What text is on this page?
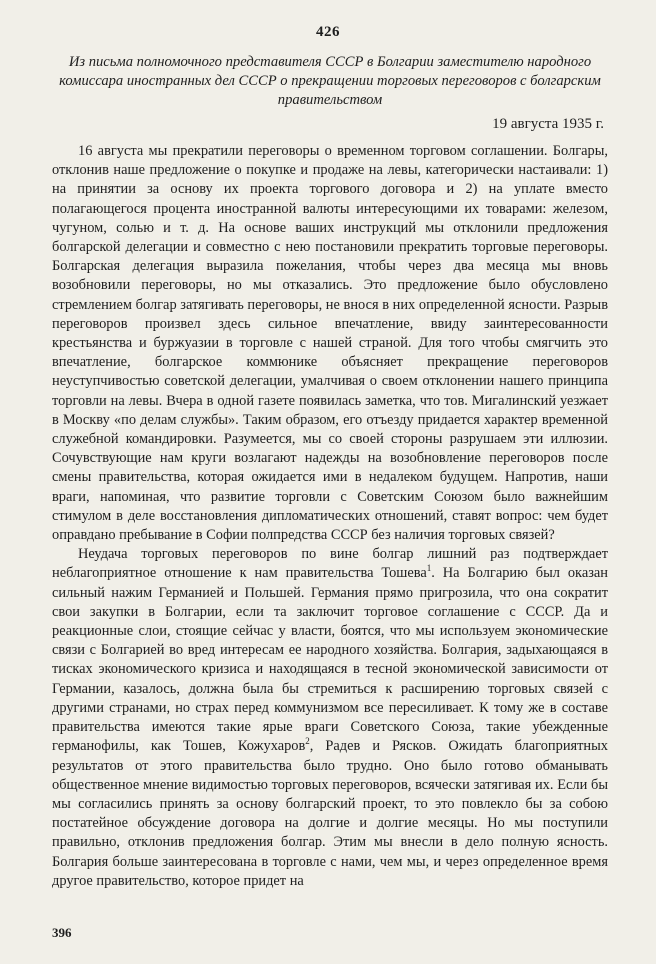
426
Из письма полномочного представителя СССР в Болгарии заместителю народного комиссара иностранных дел СССР о прекращении торговых переговоров с болгарским правительством
19 августа 1935 г.

16 августа мы прекратили переговоры о временном торговом соглашении. Болгары, отклонив наше предложение о покупке и продаже на левы, категорически настаивали: 1) на принятии за основу их проекта торгового договора и 2) на уплате вместо полагающегося процента иностранной валюты интересующими их товарами: железом, чугуном, солью и т. д. На основе ваших инструкций мы отклонили предложения болгарской делегации и совместно с нею постановили прекратить торговые переговоры. Болгарская делегация выразила пожелания, чтобы через два месяца мы вновь возобновили переговоры, но мы отказались. Это предложение было обусловлено стремлением болгар затягивать переговоры, не внося в них определенной ясности. Разрыв переговоров произвел здесь сильное впечатление, ввиду заинтересованности крестьянства и буржуазии в торговле с нашей страной. Для того чтобы смягчить это впечатление, болгарское коммюнике объясняет прекращение переговоров неуступчивостью советской делегации, умалчивая о своем отклонении нашего принципа торговли на левы. Вчера в одной газете появилась заметка, что тов. Мигалинский уезжает в Москву «по делам службы». Таким образом, его отъезду придается характер временной служебной командировки. Разумеется, мы со своей стороны разрушаем эти иллюзии. Сочувствующие нам круги возлагают надежды на возобновление переговоров после смены правительства, которая ожидается ими в недалеком будущем. Напротив, наши враги, напоминая, что развитие торговли с Советским Союзом было важнейшим стимулом в деле восстановления дипломатических отношений, ставят вопрос: чем будет оправдано пребывание в Софии полпредства СССР без наличия торговых связей?

Неудача торговых переговоров по вине болгар лишний раз подтверждает неблагоприятное отношение к нам правительства Тошева$^1$. На Болгарию был оказан сильный нажим Германией и Польшей. Германия прямо пригрозила, что она сократит свои закупки в Болгарии, если та заключит торговое соглашение с СССР. Да и реакционные слои, стоящие сейчас у власти, боятся, что мы используем экономические связи с Болгарией во вред интересам ее народного хозяйства. Болгария, задыхающаяся в тисках экономического кризиса и находящаяся в тесной экономической зависимости от Германии, казалось, должна была бы стремиться к расширению торговых связей с другими странами, но страх перед коммунизмом все пересиливает. К тому же в составе правительства имеются такие ярые враги Советского Союза, такие убежденные германофилы, как Тошев, Кожухаров$^2$, Радев и Рясков. Ожидать благоприятных результатов от этого правительства было трудно. Оно было готово обманывать общественное мнение видимостью торговых переговоров, всячески затягивая их. Если бы мы согласились принять за основу болгарский проект, то это повлекло бы за собою постатейное обсуждение договора на долгие и долгие месяцы. Но мы поступили правильно, отклонив предложения болгар. Этим мы внесли в дело полную ясность. Болгария больше заинтересована в торговле с нами, чем мы, и через определенное время другое правительство, которое придет на

396
